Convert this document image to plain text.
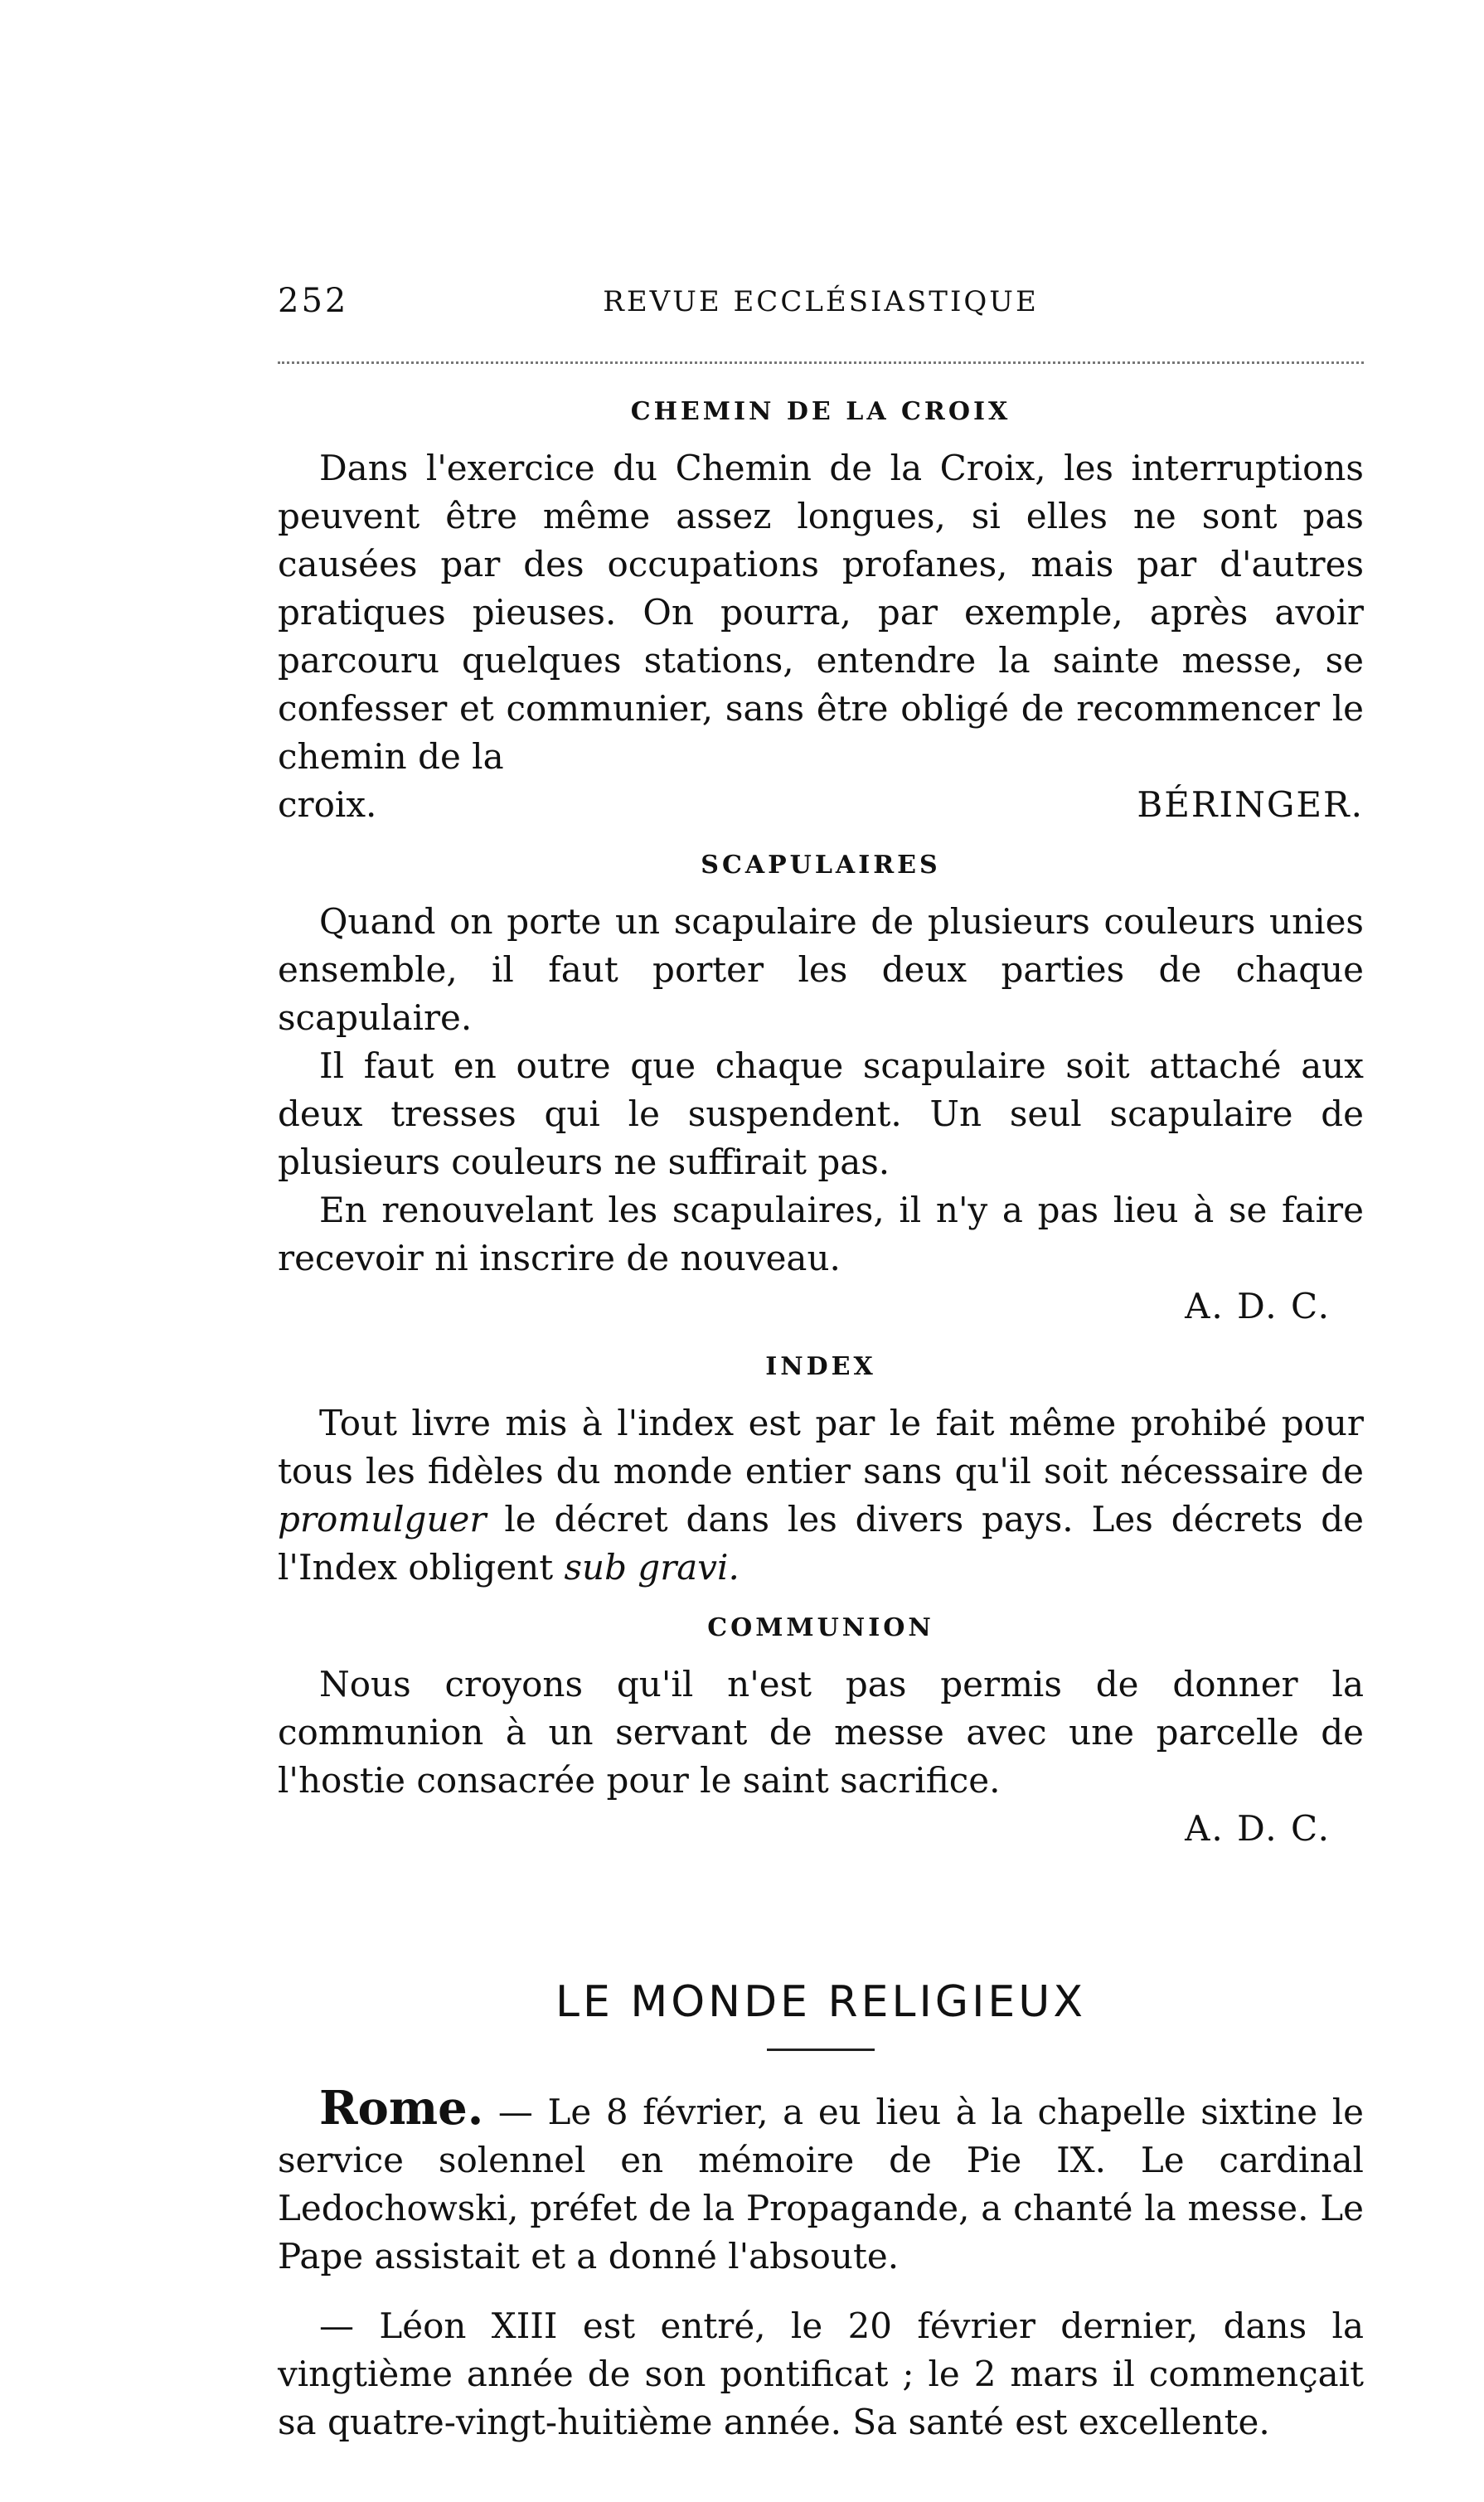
252	REVUE ECCLÉSIASTIQUE
CHEMIN DE LA CROIX

Dans l'exercice du Chemin de la Croix, les interruptions peuvent être même assez longues, si elles ne sont pas causées par des occupations profanes, mais par d'autres pratiques pieuses. On pourra, par exemple, après avoir parcouru quelques stations, entendre la sainte messe, se confesser et communier, sans être obligé de recommencer le chemin de la

croix.	BÉRINGER.
SCAPULAIRES

Quand on porte un scapulaire de plusieurs couleurs unies ensemble, il faut porter les deux parties de chaque scapulaire.

Il faut en outre que chaque scapulaire soit attaché aux deux tresses qui le suspendent. Un seul scapulaire de plusieurs couleurs ne suffirait pas.

En renouvelant les scapulaires, il n'y a pas lieu à se faire recevoir ni inscrire de nouveau.

A. D. C.
INDEX

Tout livre mis à l'index est par le fait même prohibé pour tous les fidèles du monde entier sans qu'il soit nécessaire de promulguer le décret dans les divers pays. Les décrets de l'Index obligent sub gravi.

COMMUNION

Nous croyons qu'il n'est pas permis de donner la communion à un servant de messe avec une parcelle de l'hostie consacrée pour le saint sacrifice.

A. D. C.
LE MONDE RELIGIEUX

Rome. — Le 8 février, a eu lieu à la chapelle sixtine le service solennel en mémoire de Pie IX. Le cardinal Ledochowski, préfet de la Propagande, a chanté la messe. Le Pape assistait et a donné l'absoute.

— Léon XIII est entré, le 20 février dernier, dans la vingtième année de son pontificat ; le 2 mars il commençait sa quatre-vingt-huitième année. Sa santé est excellente.
